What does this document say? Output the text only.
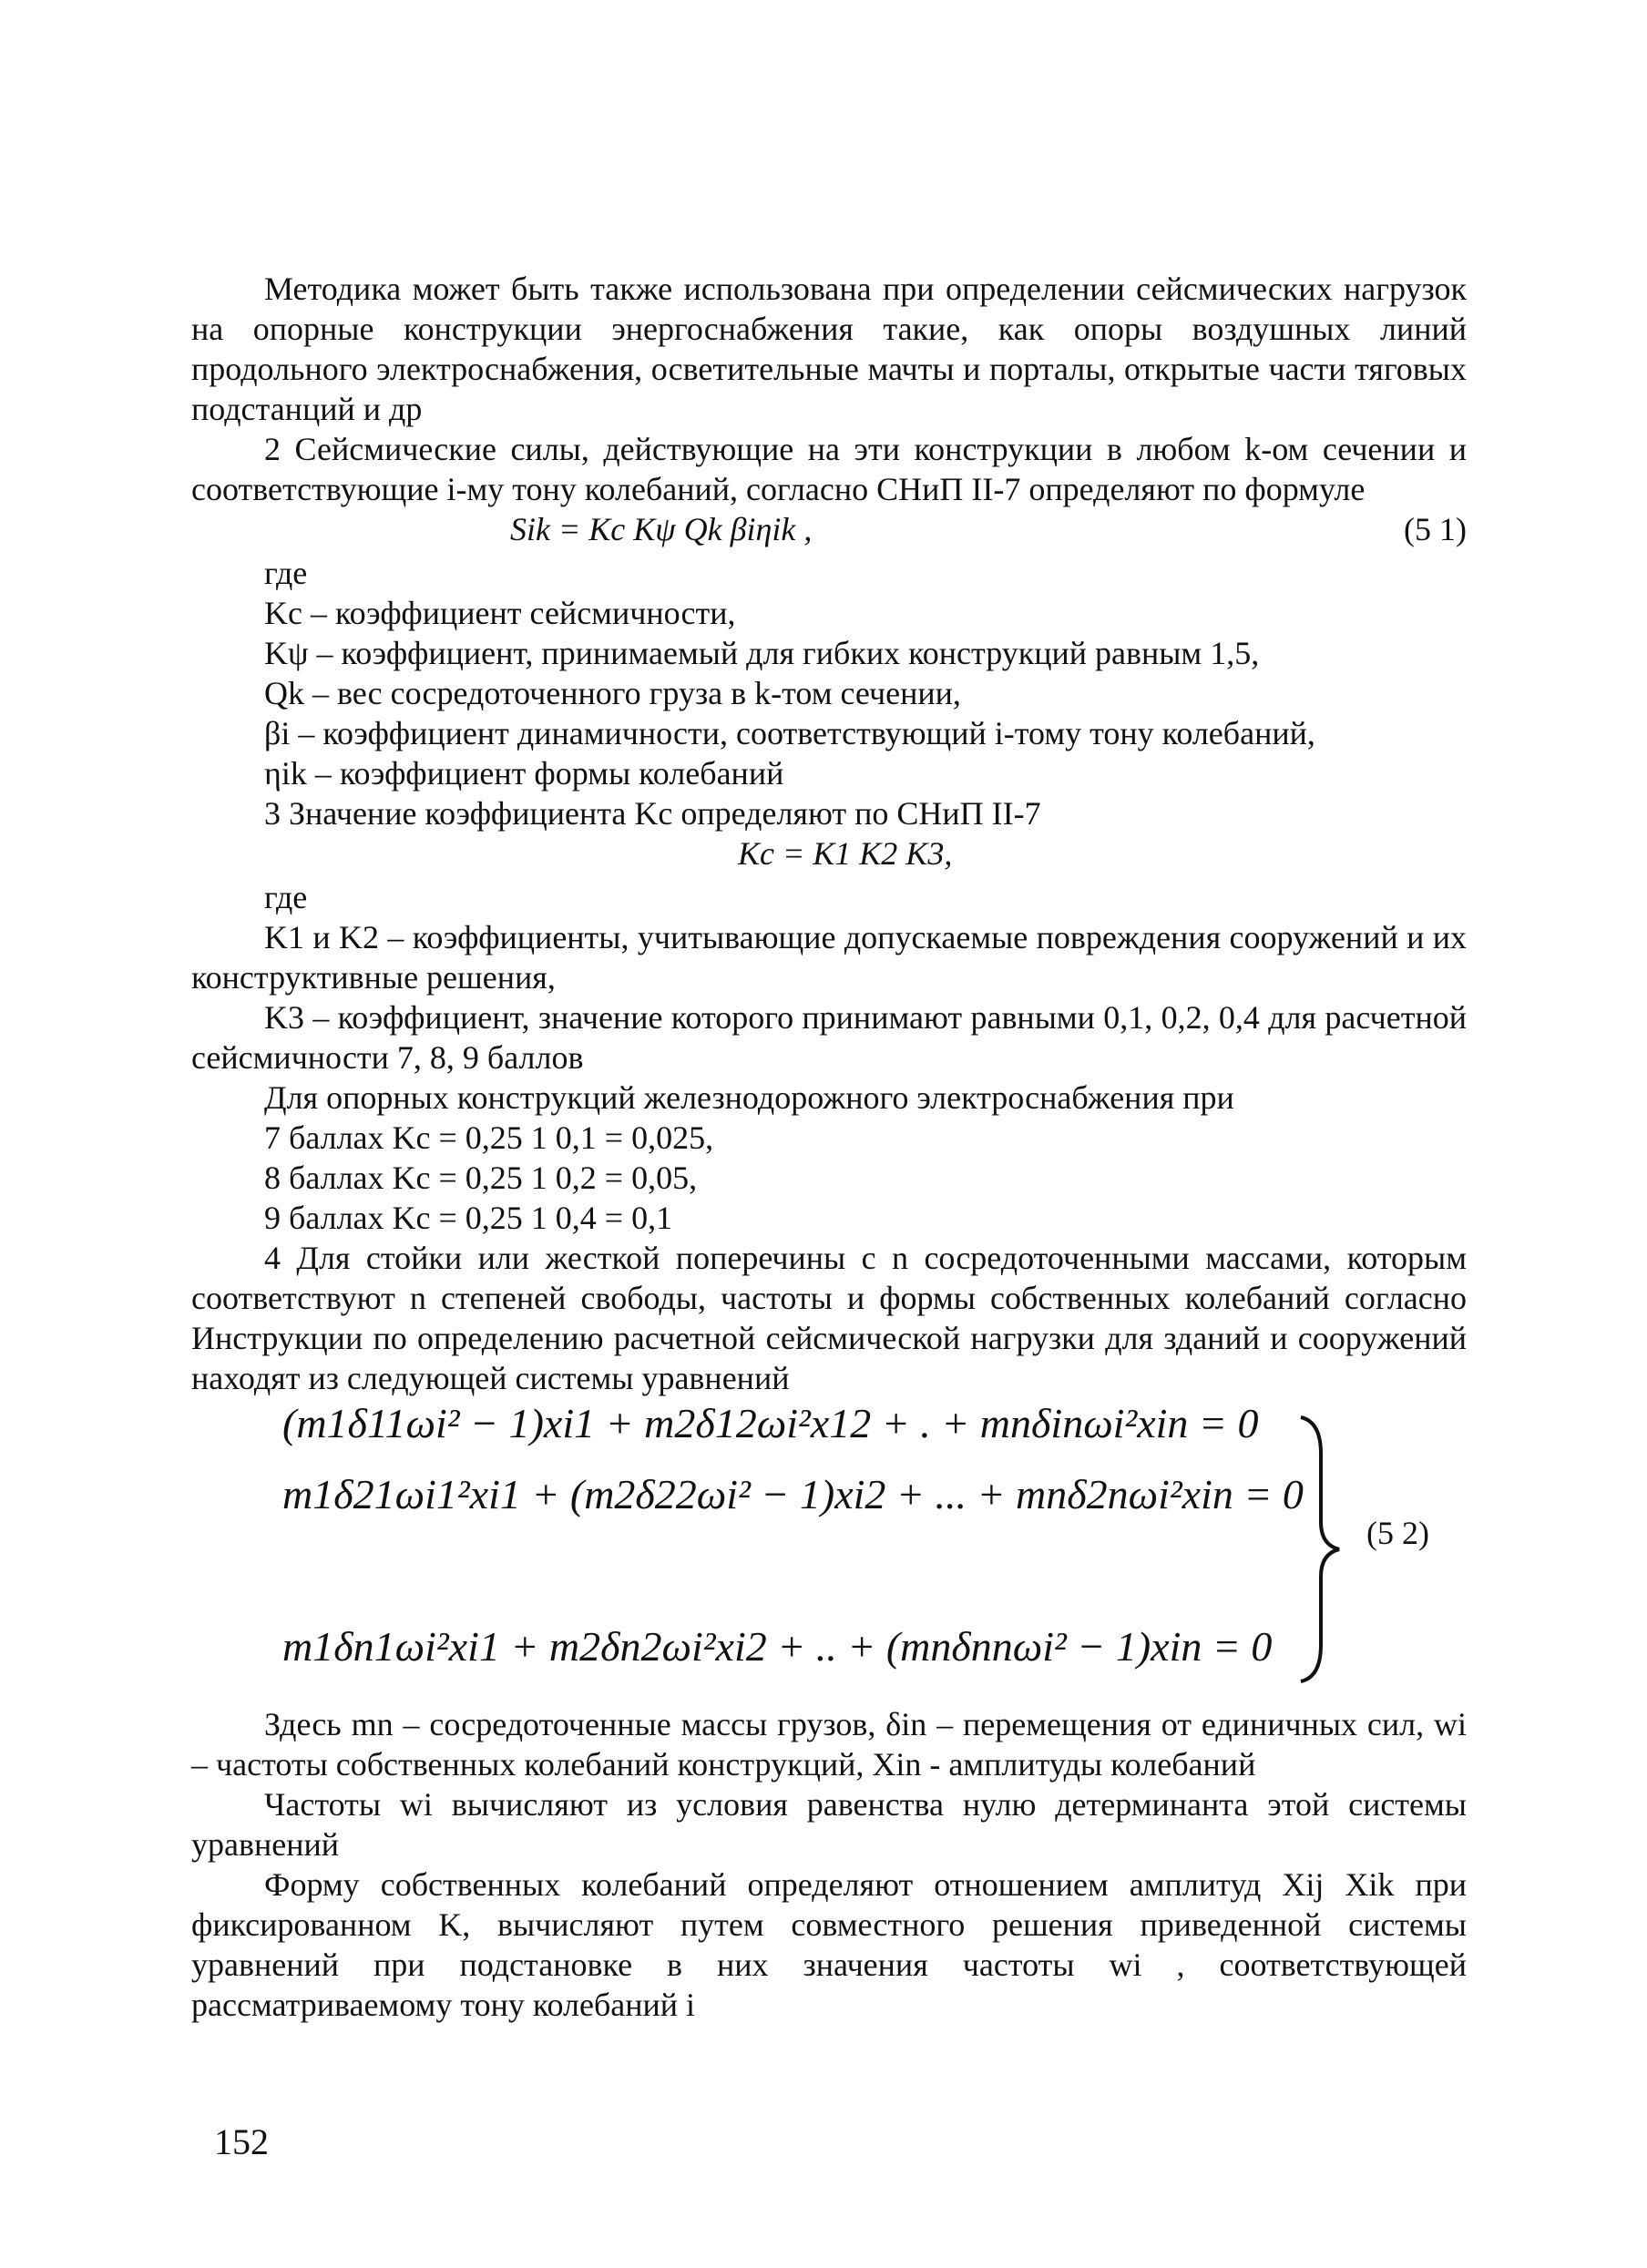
Методика может быть также использована при определении сейсмических нагрузок на опорные конструкции энергоснабжения такие, как опоры воздушных линий продольного электроснабжения, осветительные мачты и порталы, открытые части тяговых подстанций и др

2 Сейсмические силы, действующие на эти конструкции в любом k-ом сечении и соответствующие i-му тону колебаний, согласно СНиП II-7 определяют по формуле

Sik = Kc Kψ Qk βiηik ,	(5 1)

где

Kc – коэффициент сейсмичности,

Kψ – коэффициент, принимаемый для гибких конструкций равным 1,5,

Qk – вес сосредоточенного груза в k-том сечении,

βi – коэффициент динамичности, соответствующий i-тому тону колебаний,

ηik – коэффициент формы колебаний

3 Значение коэффициента Kc определяют по СНиП II-7

Kc = K1 K2 K3,

где

K1 и K2 – коэффициенты, учитывающие допускаемые повреждения сооружений и их конструктивные решения,

K3 – коэффициент, значение которого принимают равными 0,1, 0,2, 0,4 для расчетной сейсмичности 7, 8, 9 баллов

Для опорных конструкций железнодорожного электроснабжения при

7 баллах Kc = 0,25 1 0,1 = 0,025,

8 баллах Kc = 0,25 1 0,2 = 0,05,

9 баллах Kc = 0,25 1 0,4 = 0,1

4 Для стойки или жесткой поперечины с n сосредоточенными массами, которым соответствуют n степеней свободы, частоты и формы собственных колебаний согласно Инструкции по определению расчетной сейсмической нагрузки для зданий и сооружений находят из следующей системы уравнений

(m1δ11ωi² − 1)xi1 + m2δ12ωi²x12 + . + mnδinωi²xin = 0
m1δ21ωi1²xi1 + (m2δ22ωi² − 1)xi2 + ... + mnδ2nωi²xin = 0
m1δn1ωi²xi1 + m2δn2ωi²xi2 + .. + (mnδnnωi² − 1)xin = 0
(5 2)

Здесь mn – сосредоточенные массы грузов, δin – перемещения от единичных сил, wi – частоты собственных колебаний конструкций, Xin - амплитуды колебаний

Частоты wi вычисляют из условия равенства нулю детерминанта этой системы уравнений

Форму собственных колебаний определяют отношением амплитуд Xij Xik при фиксированном K, вычисляют путем совместного решения приведенной системы уравнений при подстановке в них значения частоты wi , соответствующей рассматриваемому тону колебаний i

152
